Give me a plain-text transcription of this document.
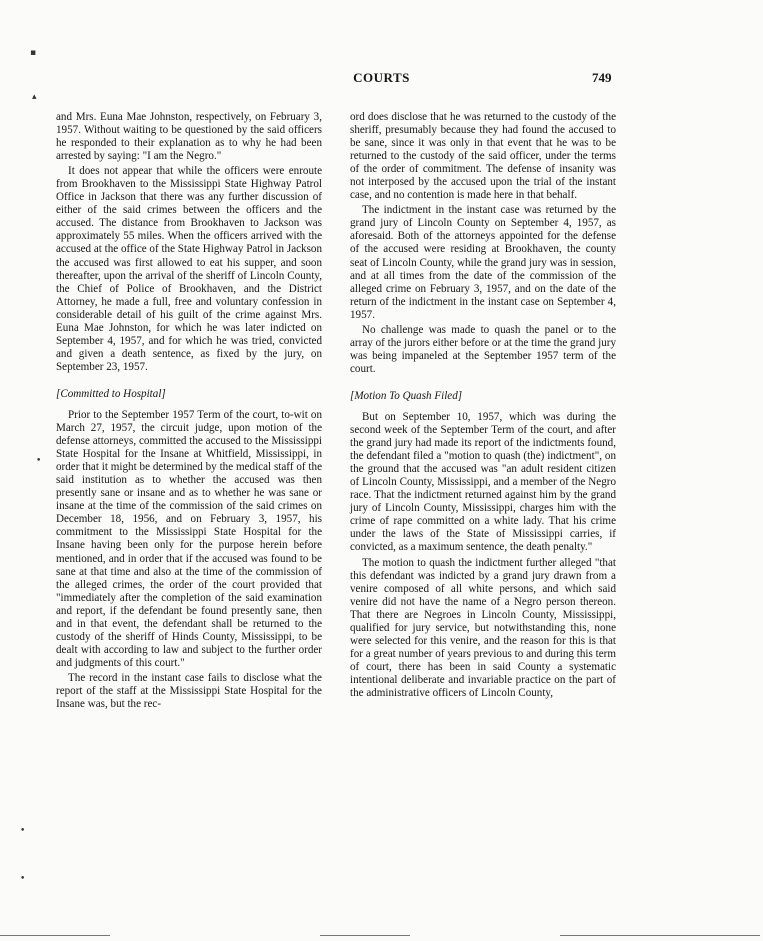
COURTS	749

and Mrs. Euna Mae Johnston, respectively, on February 3, 1957. Without waiting to be questioned by the said officers he responded to their explanation as to why he had been arrested by saying: "I am the Negro."

It does not appear that while the officers were enroute from Brookhaven to the Mississippi State Highway Patrol Office in Jackson that there was any further discussion of either of the said crimes between the officers and the accused. The distance from Brookhaven to Jackson was approximately 55 miles. When the officers arrived with the accused at the office of the State Highway Patrol in Jackson the accused was first allowed to eat his supper, and soon thereafter, upon the arrival of the sheriff of Lincoln County, the Chief of Police of Brookhaven, and the District Attorney, he made a full, free and voluntary confession in considerable detail of his guilt of the crime against Mrs. Euna Mae Johnston, for which he was later indicted on September 4, 1957, and for which he was tried, convicted and given a death sentence, as fixed by the jury, on September 23, 1957.

[Committed to Hospital]

Prior to the September 1957 Term of the court, to-wit on March 27, 1957, the circuit judge, upon motion of the defense attorneys, committed the accused to the Mississippi State Hospital for the Insane at Whitfield, Mississippi, in order that it might be determined by the medical staff of the said institution as to whether the accused was then presently sane or insane and as to whether he was sane or insane at the time of the commission of the said crimes on December 18, 1956, and on February 3, 1957, his commitment to the Mississippi State Hospital for the Insane having been only for the purpose herein before mentioned, and in order that if the accused was found to be sane at that time and also at the time of the commission of the alleged crimes, the order of the court provided that "immediately after the completion of the said examination and report, if the defendant be found presently sane, then and in that event, the defendant shall be returned to the custody of the sheriff of Hinds County, Mississippi, to be dealt with according to law and subject to the further order and judgments of this court."

The record in the instant case fails to disclose what the report of the staff at the Mississippi State Hospital for the Insane was, but the rec-

ord does disclose that he was returned to the custody of the sheriff, presumably because they had found the accused to be sane, since it was only in that event that he was to be returned to the custody of the said officer, under the terms of the order of commitment. The defense of insanity was not interposed by the accused upon the trial of the instant case, and no contention is made here in that behalf.

The indictment in the instant case was returned by the grand jury of Lincoln County on September 4, 1957, as aforesaid. Both of the attorneys appointed for the defense of the accused were residing at Brookhaven, the county seat of Lincoln County, while the grand jury was in session, and at all times from the date of the commission of the alleged crime on February 3, 1957, and on the date of the return of the indictment in the instant case on September 4, 1957.

No challenge was made to quash the panel or to the array of the jurors either before or at the time the grand jury was being impaneled at the September 1957 term of the court.

[Motion To Quash Filed]

But on September 10, 1957, which was during the second week of the September Term of the court, and after the grand jury had made its report of the indictments found, the defendant filed a "motion to quash (the) indictment", on the ground that the accused was "an adult resident citizen of Lincoln County, Mississippi, and a member of the Negro race. That the indictment returned against him by the grand jury of Lincoln County, Mississippi, charges him with the crime of rape committed on a white lady. That his crime under the laws of the State of Mississippi carries, if convicted, as a maximum sentence, the death penalty."

The motion to quash the indictment further alleged "that this defendant was indicted by a grand jury drawn from a venire composed of all white persons, and which said venire did not have the name of a Negro person thereon. That there are Negroes in Lincoln County, Mississippi, qualified for jury service, but notwithstanding this, none were selected for this venire, and the reason for this is that for a great number of years previous to and during this term of court, there has been in said County a systematic intentional deliberate and invariable practice on the part of the administrative officers of Lincoln County,

▪
▴
•
•
•
